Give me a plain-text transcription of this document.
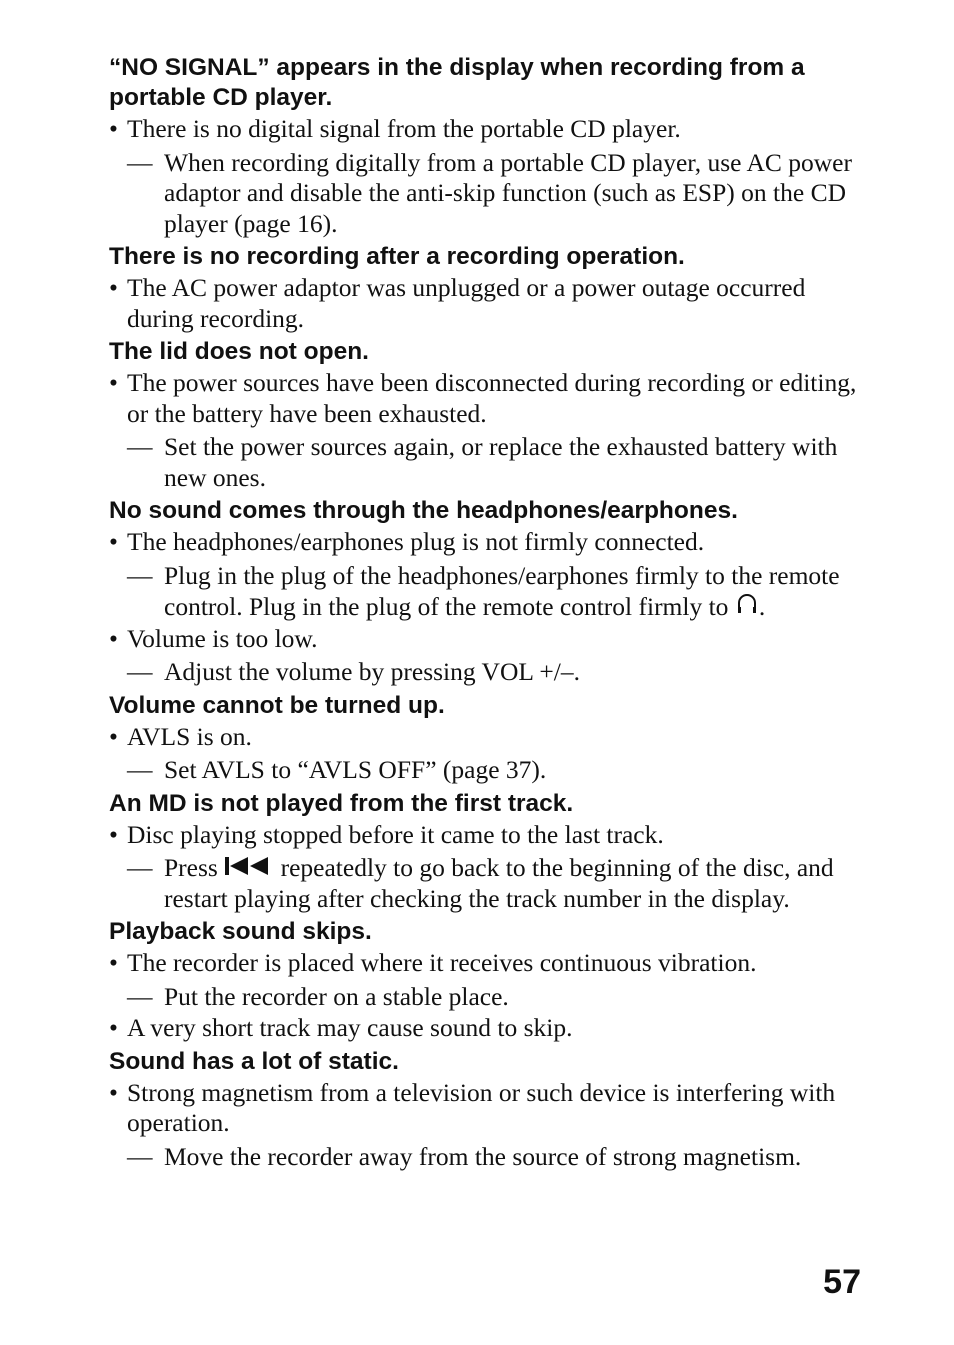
“NO SIGNAL” appears in the display when recording from a portable CD player.
• There is no digital signal from the portable CD player.
— When recording digitally from a portable CD player, use AC power adaptor and disable the anti-skip function (such as ESP) on the CD player (page 16).
There is no recording after a recording operation.
• The AC power adaptor was unplugged or a power outage occurred during recording.
The lid does not open.
• The power sources have been disconnected during recording or editing, or the battery have been exhausted.
— Set the power sources again, or replace the exhausted battery with new ones.
No sound comes through the headphones/earphones.
• The headphones/earphones plug is not firmly connected.
— Plug in the plug of the headphones/earphones firmly to the remote control. Plug in the plug of the remote control firmly to .
• Volume is too low.
— Adjust the volume by pressing VOL +/–.
Volume cannot be turned up.
• AVLS is on.
— Set AVLS to “AVLS OFF” (page 37).
An MD is not played from the first track.
• Disc playing stopped before it came to the last track.
— Press  repeatedly to go back to the beginning of the disc, and restart playing after checking the track number in the display.
Playback sound skips.
• The recorder is placed where it receives continuous vibration.
— Put the recorder on a stable place.
• A very short track may cause sound to skip.
Sound has a lot of static.
• Strong magnetism from a television or such device is interfering with operation.
— Move the recorder away from the source of strong magnetism.
57
